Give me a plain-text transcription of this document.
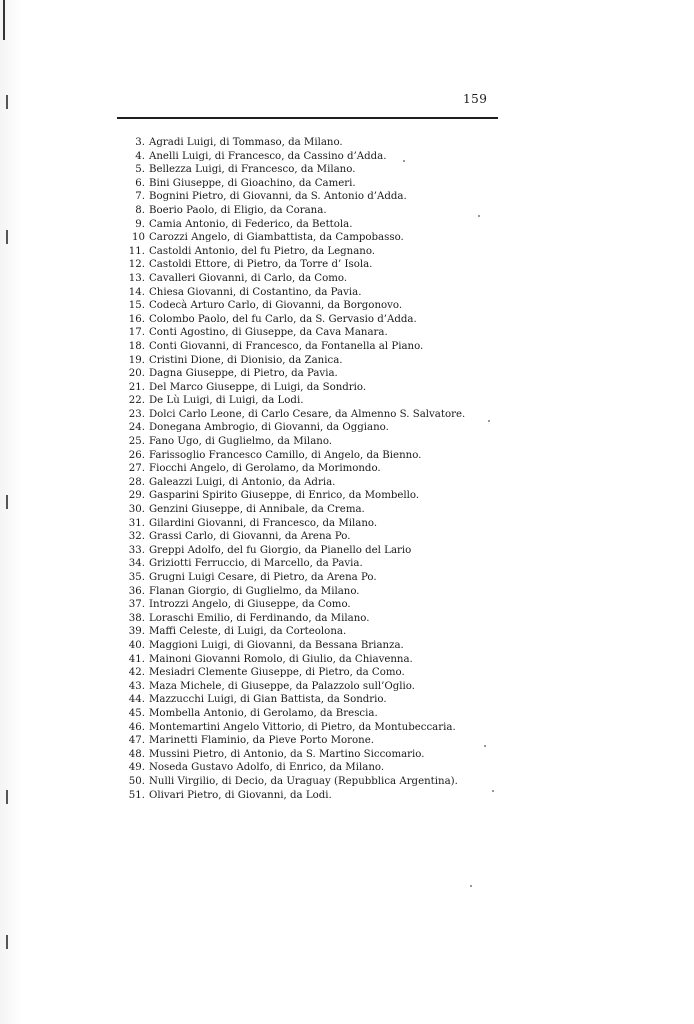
159
3. Agradi Luigi, di Tommaso, da Milano.
4. Anelli Luigi, di Francesco, da Cassino d’Adda.
5. Bellezza Luigi, di Francesco, da Milano.
6. Bini Giuseppe, di Gioachino, da Cameri.
7. Bognini Pietro, di Giovanni, da S. Antonio d’Adda.
8. Boerio Paolo, di Eligio, da Corana.
9. Camia Antonio, di Federico, da Bettola.
10 Carozzi Angelo, di Giambattista, da Campobasso.
11. Castoldi Antonio, del fu Pietro, da Legnano.
12. Castoldi Ettore, di Pietro, da Torre d’ Isola.
13. Cavalleri Giovanni, di Carlo, da Como.
14. Chiesa Giovanni, di Costantino, da Pavia.
15. Codecà Arturo Carlo, di Giovanni, da Borgonovo.
16. Colombo Paolo, del fu Carlo, da S. Gervasio d’Adda.
17. Conti Agostino, di Giuseppe, da Cava Manara.
18. Conti Giovanni, di Francesco, da Fontanella al Piano.
19. Cristini Dione, di Dionisio, da Zanica.
20. Dagna Giuseppe, di Pietro, da Pavia.
21. Del Marco Giuseppe, di Luigi, da Sondrio.
22. De Lù Luigi, di Luigi, da Lodi.
23. Dolci Carlo Leone, di Carlo Cesare, da Almenno S. Salvatore.
24. Donegana Ambrogio, di Giovanni, da Oggiano.
25. Fano Ugo, di Guglielmo, da Milano.
26. Farissoglio Francesco Camillo, di Angelo, da Bienno.
27. Fiocchi Angelo, di Gerolamo, da Morimondo.
28. Galeazzi Luigi, di Antonio, da Adria.
29. Gasparini Spirito Giuseppe, di Enrico, da Mombello.
30. Genzini Giuseppe, di Annibale, da Crema.
31. Gilardini Giovanni, di Francesco, da Milano.
32. Grassi Carlo, di Giovanni, da Arena Po.
33. Greppi Adolfo, del fu Giorgio, da Pianello del Lario
34. Griziotti Ferruccio, di Marcello, da Pavia.
35. Grugni Luigi Cesare, di Pietro, da Arena Po.
36. Flanan Giorgio, di Guglielmo, da Milano.
37. Introzzi Angelo, di Giuseppe, da Como.
38. Loraschi Emilio, di Ferdinando, da Milano.
39. Maffi Celeste, di Luigi, da Corteolona.
40. Maggioni Luigi, di Giovanni, da Bessana Brianza.
41. Mainoni Giovanni Romolo, di Giulio, da Chiavenna.
42. Mesiadri Clemente Giuseppe, di Pietro, da Como.
43. Maza Michele, di Giuseppe, da Palazzolo sull’Oglio.
44. Mazzucchi Luigi, di Gian Battista, da Sondrio.
45. Mombella Antonio, di Gerolamo, da Brescia.
46. Montemartini Angelo Vittorio, di Pietro, da Montubeccaria.
47. Marinetti Flaminio, da Pieve Porto Morone.
48. Mussini Pietro, di Antonio, da S. Martino Siccomario.
49. Noseda Gustavo Adolfo, di Enrico, da Milano.
50. Nulli Virgilio, di Decio, da Uraguay (Repubblica Argentina).
51. Olivari Pietro, di Giovanni, da Lodi.
